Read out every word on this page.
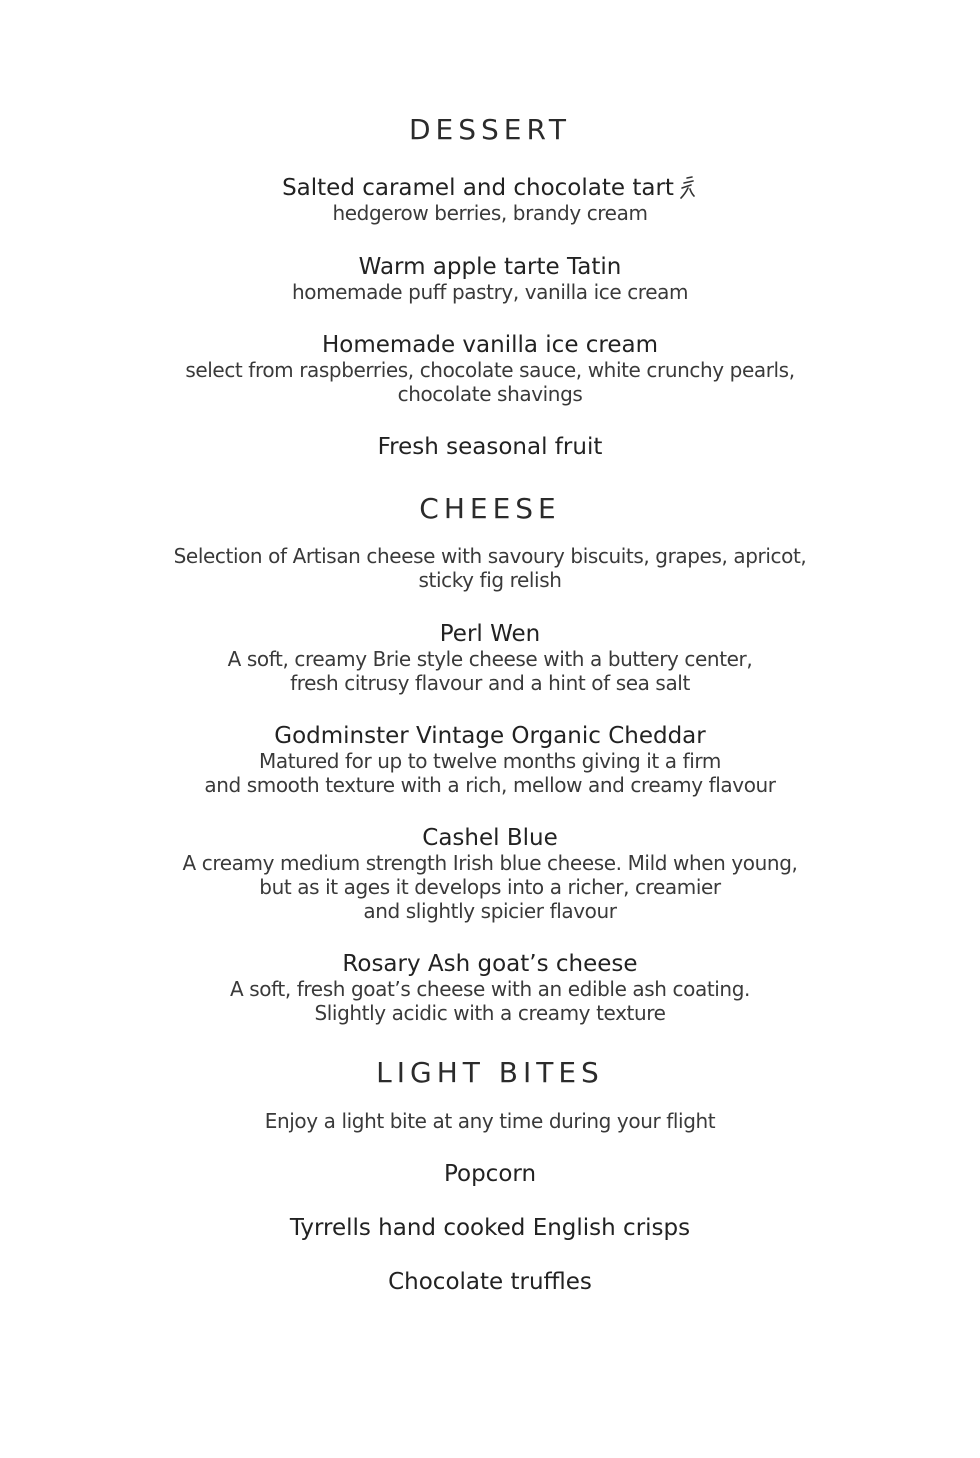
DESSERT
Salted caramel and chocolate tart
hedgerow berries, brandy cream
Warm apple tarte Tatin
homemade puff pastry, vanilla ice cream
Homemade vanilla ice cream
select from raspberries, chocolate sauce, white crunchy pearls,
chocolate shavings
Fresh seasonal fruit
CHEESE
Selection of Artisan cheese with savoury biscuits, grapes, apricot,
sticky fig relish
Perl Wen
A soft, creamy Brie style cheese with a buttery center,
fresh citrusy flavour and a hint of sea salt
Godminster Vintage Organic Cheddar
Matured for up to twelve months giving it a firm
and smooth texture with a rich, mellow and creamy flavour
Cashel Blue
A creamy medium strength Irish blue cheese. Mild when young,
but as it ages it develops into a richer, creamier
and slightly spicier flavour
Rosary Ash goat’s cheese
A soft, fresh goat’s cheese with an edible ash coating.
Slightly acidic with a creamy texture
LIGHT BITES
Enjoy a light bite at any time during your flight
Popcorn
Tyrrells hand cooked English crisps
Chocolate truffles
